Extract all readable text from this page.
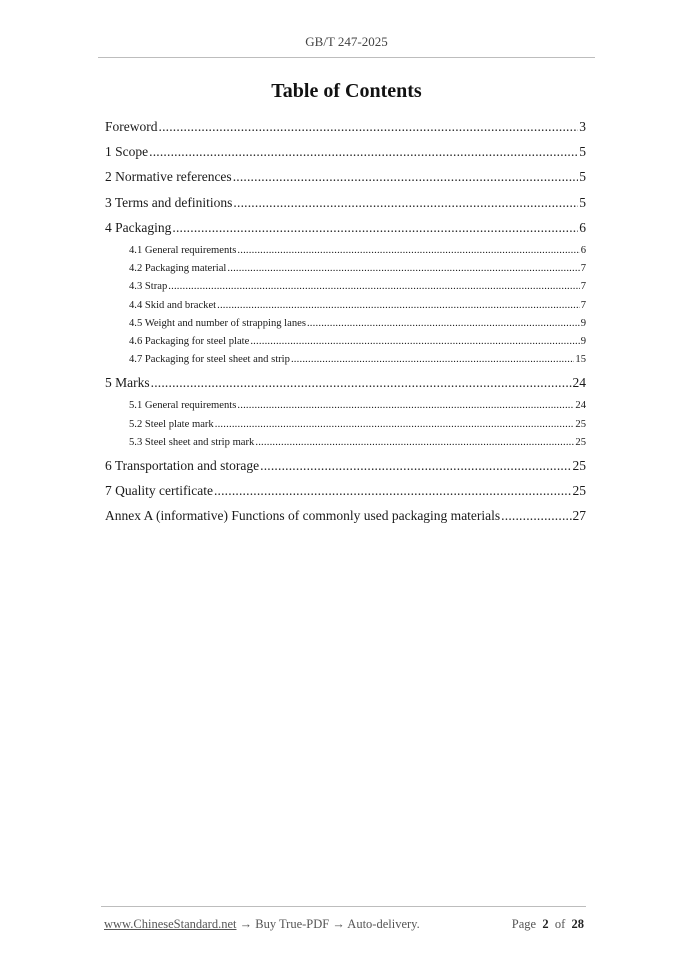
GB/T 247-2025
Table of Contents
Foreword .....	3
1 Scope .....	5
2 Normative references .....	5
3 Terms and definitions .....	5
4 Packaging .....	6
4.1 General requirements .....	6
4.2 Packaging material .....	7
4.3 Strap .....	7
4.4 Skid and bracket .....	7
4.5 Weight and number of strapping lanes .....	9
4.6 Packaging for steel plate .....	9
4.7 Packaging for steel sheet and strip .....	15
5 Marks .....	24
5.1 General requirements .....	24
5.2 Steel plate mark .....	25
5.3 Steel sheet and strip mark .....	25
6 Transportation and storage .....	25
7 Quality certificate .....	25
Annex A (informative) Functions of commonly used packaging materials .....	27
www.ChineseStandard.net → Buy True-PDF → Auto-delivery.	Page 2 of 28
